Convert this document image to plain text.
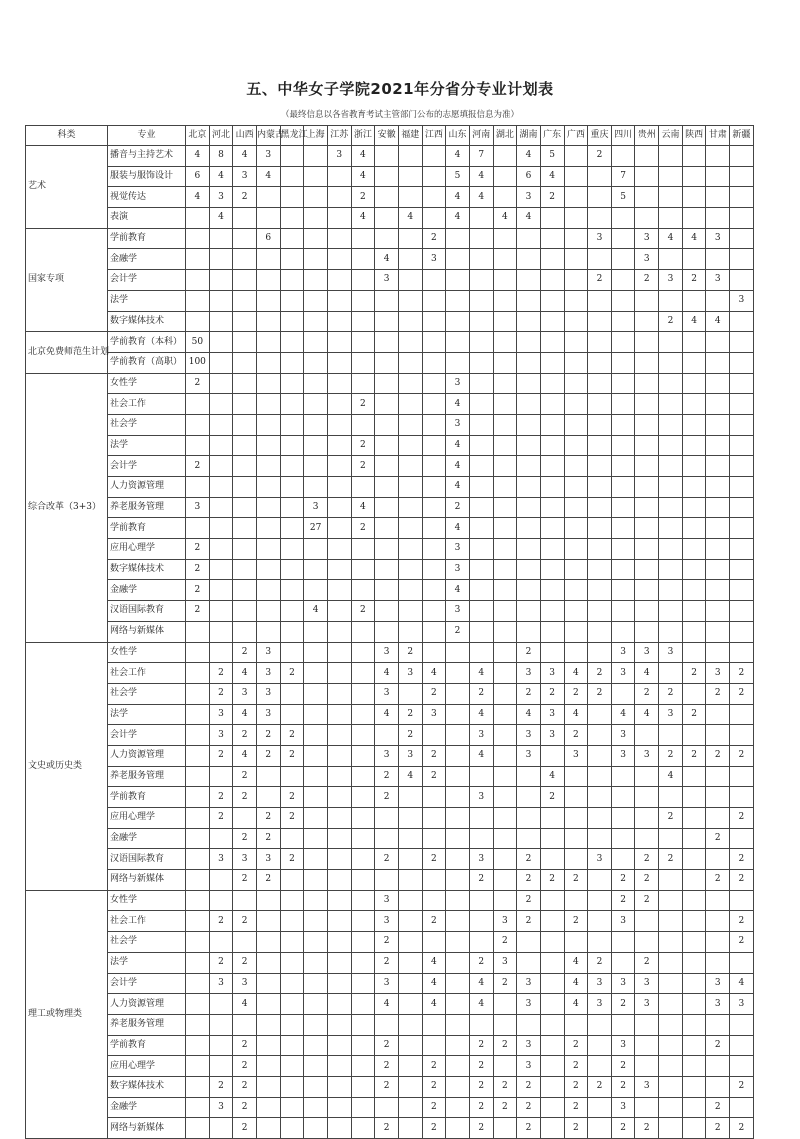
五、中华女子学院2021年分省分专业计划表
（最终信息以各省教育考试主管部门公布的志愿填报信息为准）
科类	专业	北京	河北	山西	内蒙古	黑龙江	上海	江苏	浙江	安徽	福建	江西	山东	河南	湖北	湖南	广东	广西	重庆	四川	贵州	云南	陕西	甘肃	新疆
艺术	播音与主持艺术	4	8	4	3			3	4				4	7		4	5		2						
	服装与服饰设计	6	4	3	4				4				5	4		6	4			7					
	视觉传达	4	3	2					2				4	4		3	2			5					
	表演		4						4		4		4		4	4									
国家专项	学前教育				6							2							3		3	4	4	3	
	金融学									4		3									3				
	会计学									3									2		2	3	2	3	
	法学																								3
	数字媒体技术																					2	4	4	
北京免费师范生计划	学前教育（本科）	50																							
	学前教育（高职）	100																							
综合改革（3+3）	女性学	2											3												
	社会工作								2				4												
	社会学												3												
	法学								2				4												
	会计学	2							2				4												
	人力资源管理												4												
	养老服务管理	3					3		4				2												
	学前教育						27		2				4												
	应用心理学	2											3												
	数字媒体技术	2											3												
	金融学	2											4												
	汉语国际教育	2					4		2				3												
	网络与新媒体												2												
文史或历史类	女性学			2	3					3	2					2				3	3	3			
	社会工作		2	4	3	2				4	3	4		4		3	3	4	2	3	4		2	3	2
	社会学		2	3	3					3		2		2		2	2	2	2		2	2		2	2
	法学		3	4	3					4	2	3		4		4	3	4		4	4	3	2		
	会计学		3	2	2	2					2			3		3	3	2		3					
	人力资源管理		2	4	2	2				3	3	2		4		3		3		3	3	2	2	2	2
	养老服务管理			2						2	4	2					4					4			
	学前教育		2	2		2				2				3			2								
	应用心理学		2		2	2																2			2
	金融学			2	2																			2	
	汉语国际教育		3	3	3	2				2		2		3		2			3		2	2			2
	网络与新媒体			2	2									2		2	2	2		2	2			2	2
理工或物理类	女性学									3						2				2	2				
	社会工作		2	2						3		2			3	2		2		3					2
	社会学									2					2										2
	法学		2	2						2		4		2	3			4	2		2				
	会计学		3	3						3		4		4	2	3		4	3	3	3			3	4
	人力资源管理			4						4		4		4		3		4	3	2	3			3	3
	养老服务管理																								
	学前教育			2						2				2	2	3		2		3				2	
	应用心理学			2						2		2		2		3		2		2					
	数字媒体技术		2	2						2		2		2	2	2		2	2	2	3				2
	金融学		3	2								2		2	2	2		2		3				2	
	网络与新媒体			2						2		2		2		2		2		2	2			2	2
